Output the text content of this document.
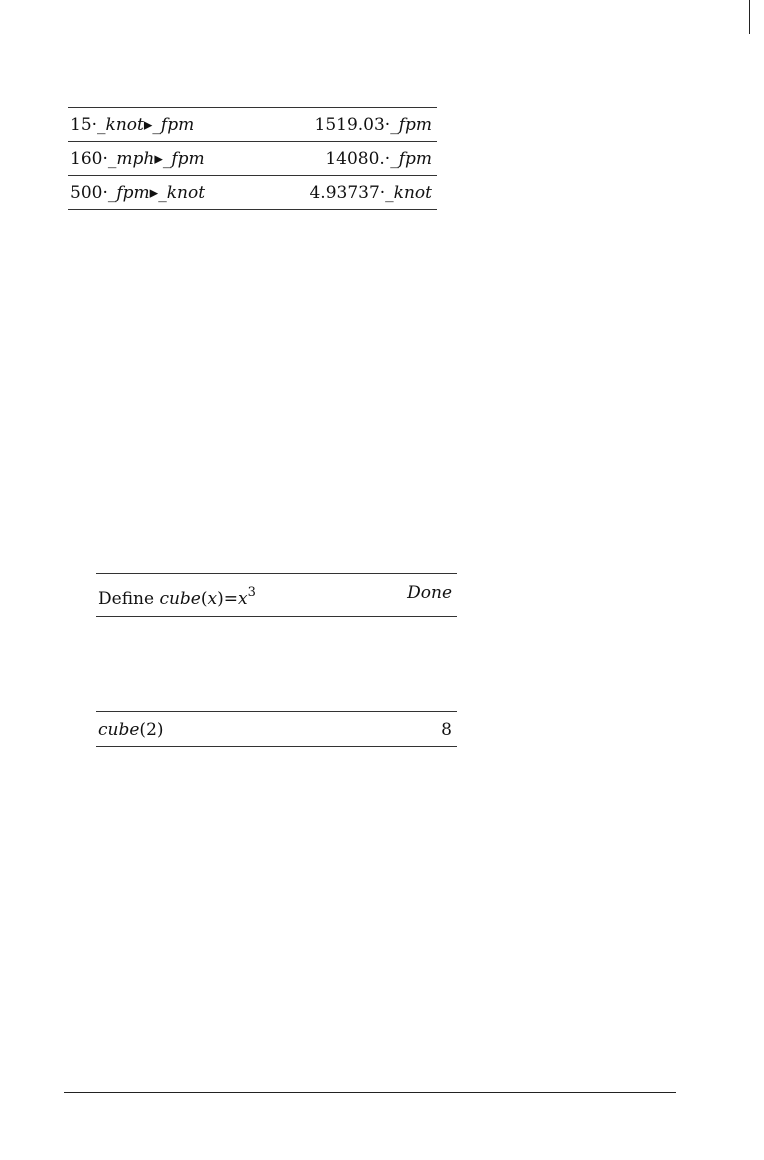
15·_knot▸_fpm	1519.03·_fpm
160·_mph▸_fpm	14080.·_fpm
500·_fpm▸_knot	4.93737·_knot
Define $cube(x)=x^3$	Done
cube(2)	8
